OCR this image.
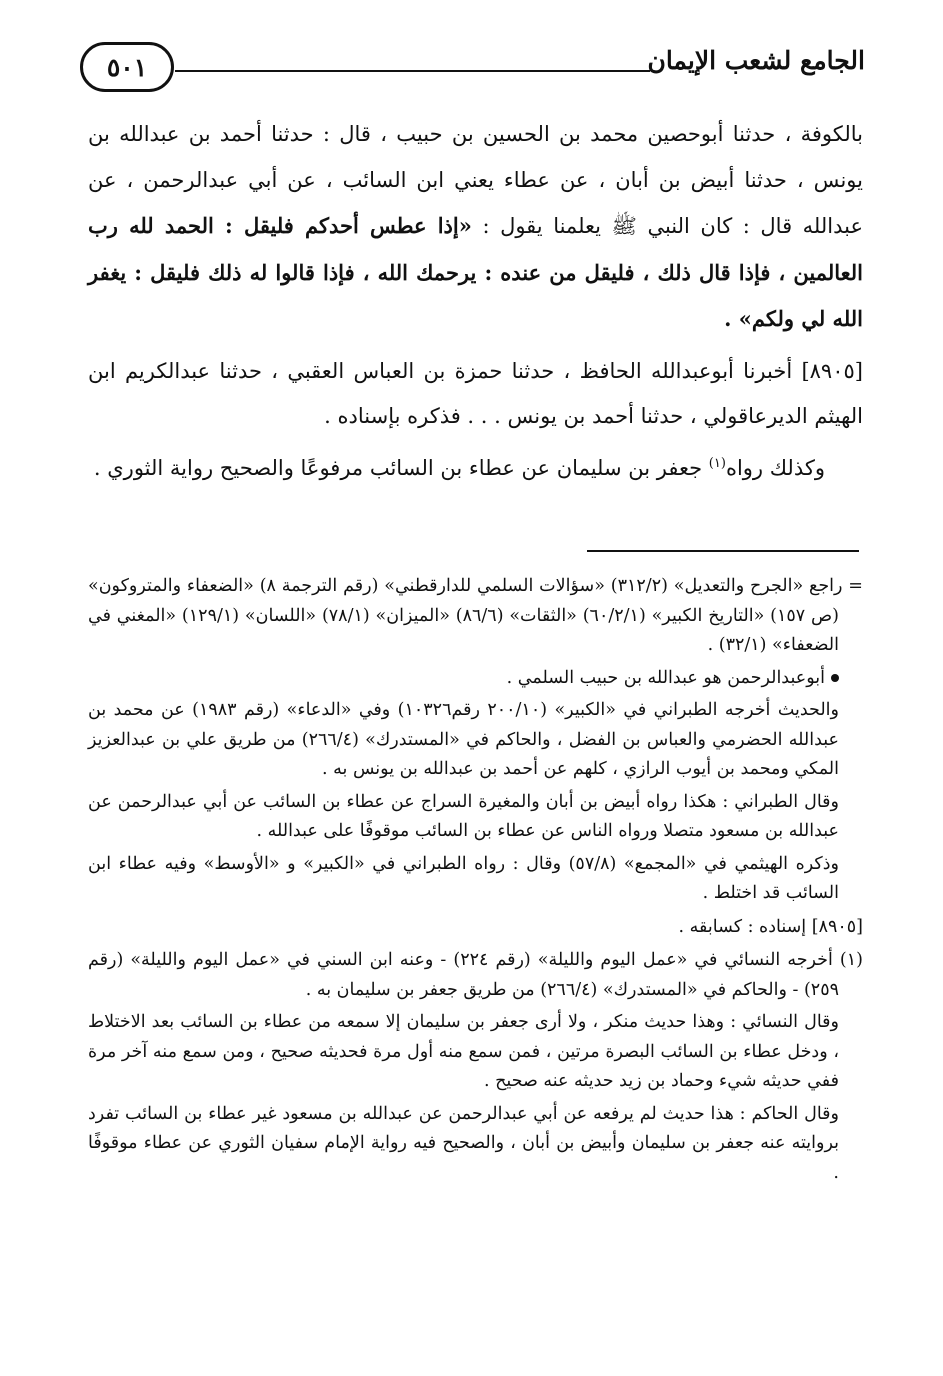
الجامع لشعب الإيمان
٥٠١

بالكوفة ، حدثنا أبوحصين محمد بن الحسين بن حبيب ، قال : حدثنا أحمد بن عبدالله بن يونس ، حدثنا أبيض بن أبان ، عن عطاء يعني ابن السائب ، عن أبي عبدالرحمن ، عن عبدالله قال : كان النبي ﷺ يعلمنا يقول : «إذا عطس أحدكم فليقل : الحمد لله رب العالمين ، فإذا قال ذلك ، فليقل من عنده : يرحمك الله ، فإذا قالوا له ذلك فليقل : يغفر الله لي ولكم» .

[٨٩٠٥] أخبرنا أبوعبدالله الحافظ ، حدثنا حمزة بن العباس العقبي ، حدثنا عبدالكريم ابن الهيثم الديرعاقولي ، حدثنا أحمد بن يونس . . . فذكره بإسناده .

وكذلك رواه$^{(١)}$ جعفر بن سليمان عن عطاء بن السائب مرفوعًا والصحيح رواية الثوري .

= راجع «الجرح والتعديل» (٣١٢/٢) «سؤالات السلمي للدارقطني» (رقم الترجمة ٨) «الضعفاء والمتروكون» (ص ١٥٧) «التاريخ الكبير» (٦٠/٢/١) «الثقات» (٨٦/٦) «الميزان» (٧٨/١) «اللسان» (١٢٩/١) «المغني في الضعفاء» (٣٢/١) .

أبوعبدالرحمن هو عبدالله بن حبيب السلمي .

والحديث أخرجه الطبراني في «الكبير» (٢٠٠/١٠ رقم١٠٣٢٦) وفي «الدعاء» (رقم ١٩٨٣) عن محمد بن عبدالله الحضرمي والعباس بن الفضل ، والحاكم في «المستدرك» (٢٦٦/٤) من طريق علي بن عبدالعزيز المكي ومحمد بن أيوب الرازي ، كلهم عن أحمد بن عبدالله بن يونس به .

وقال الطبراني : هكذا رواه أبيض بن أبان والمغيرة السراج عن عطاء بن السائب عن أبي عبدالرحمن عن عبدالله بن مسعود متصلا ورواه الناس عن عطاء بن السائب موقوفًا على عبدالله .

وذكره الهيثمي في «المجمع» (٥٧/٨) وقال : رواه الطبراني في «الكبير» و «الأوسط» وفيه عطاء ابن السائب قد اختلط .

[٨٩٠٥] إسناده : كسابقه .

(١) أخرجه النسائي في «عمل اليوم والليلة» (رقم ٢٢٤) - وعنه ابن السني في «عمل اليوم والليلة» (رقم ٢٥٩) - والحاكم في «المستدرك» (٢٦٦/٤) من طريق جعفر بن سليمان به .

وقال النسائي : وهذا حديث منكر ، ولا أرى جعفر بن سليمان إلا سمعه من عطاء بن السائب بعد الاختلاط ، ودخل عطاء بن السائب البصرة مرتين ، فمن سمع منه أول مرة فحديثه صحيح ، ومن سمع منه آخر مرة ففي حديثه شيء وحماد بن زيد حديثه عنه صحيح .

وقال الحاكم : هذا حديث لم يرفعه عن أبي عبدالرحمن عن عبدالله بن مسعود غير عطاء بن السائب تفرد بروايته عنه جعفر بن سليمان وأبيض بن أبان ، والصحيح فيه رواية الإمام سفيان الثوري عن عطاء موقوفًا .
